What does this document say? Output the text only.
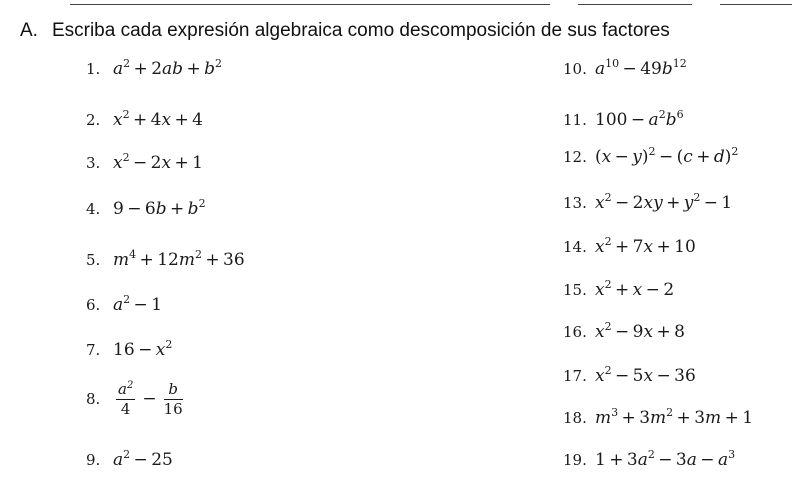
A. Escriba cada expresión algebraica como descomposición de sus factores
1. $a^2 + 2ab + b^2$
2. $x^2 + 4x + 4$
3. $x^2 - 2x + 1$
4. $9 - 6b + b^2$
5. $m^4 + 12m^2 + 36$
6. $a^2 - 1$
7. $16 - x^2$
8. $\frac{a^2}{4} - \frac{b}{16}$
9. $a^2 - 25$
10. $a^{10} - 49b^{12}$
11. $100 - a^2b^6$
12. $(x - y)^2 - (c + d)^2$
13. $x^2 - 2xy + y^2 - 1$
14. $x^2 + 7x + 10$
15. $x^2 + x - 2$
16. $x^2 - 9x + 8$
17. $x^2 - 5x - 36$
18. $m^3 + 3m^2 + 3m + 1$
19. $1 + 3a^2 - 3a - a^3$
